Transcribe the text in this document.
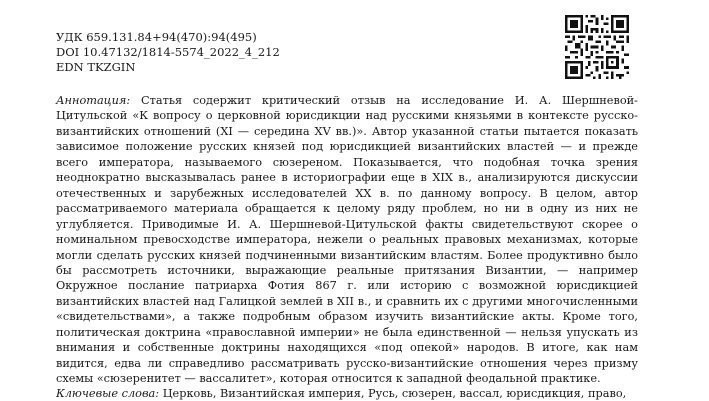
УДК 659.131.84+94(470):94(495)
DOI 10.47132/1814-5574_2022_4_212
EDN TKZGIN

Аннотация: Статья содержит критический отзыв на исследование И. А. Шершневой-Цитульской «К вопросу о церковной юрисдикции над русскими князьями в контексте русско-византийских отношений (XI — середина XV вв.)». Автор указанной статьи пытается показать зависимое положение русских князей под юрисдикцией византийских властей — и прежде всего императора, называемого сюзереном. Показывается, что подобная точка зрения неоднократно высказывалась ранее в историографии еще в XIX в., анализируются дискуссии отечественных и зарубежных исследователей XX в. по данному вопросу. В целом, автор рассматриваемого материала обращается к целому ряду проблем, но ни в одну из них не углубляется. Приводимые И. А. Шершневой-Цитульской факты свидетельствуют скорее о номинальном превосходстве императора, нежели о реальных правовых механизмах, которые могли сделать русских князей подчиненными византийским властям. Более продуктивно было бы рассмотреть источники, выражающие реальные притязания Византии, — например Окружное послание патриарха Фотия 867 г. или историю с возможной юрисдикцией византийских властей над Галицкой землей в XII в., и сравнить их с другими многочисленными «свидетельствами», а также подробным образом изучить византийские акты. Кроме того, политическая доктрина «православной империи» не была единственной — нельзя упускать из внимания и собственные доктрины находящихся «под опекой» народов. В итоге, как нам видится, едва ли справедливо рассматривать русско-византийские отношения через призму схемы «сюзеренитет — вассалитет», которая относится к западной феодальной практике.

Ключевые слова: Церковь, Византийская империя, Русь, сюзерен, вассал, юрисдикция, право,
